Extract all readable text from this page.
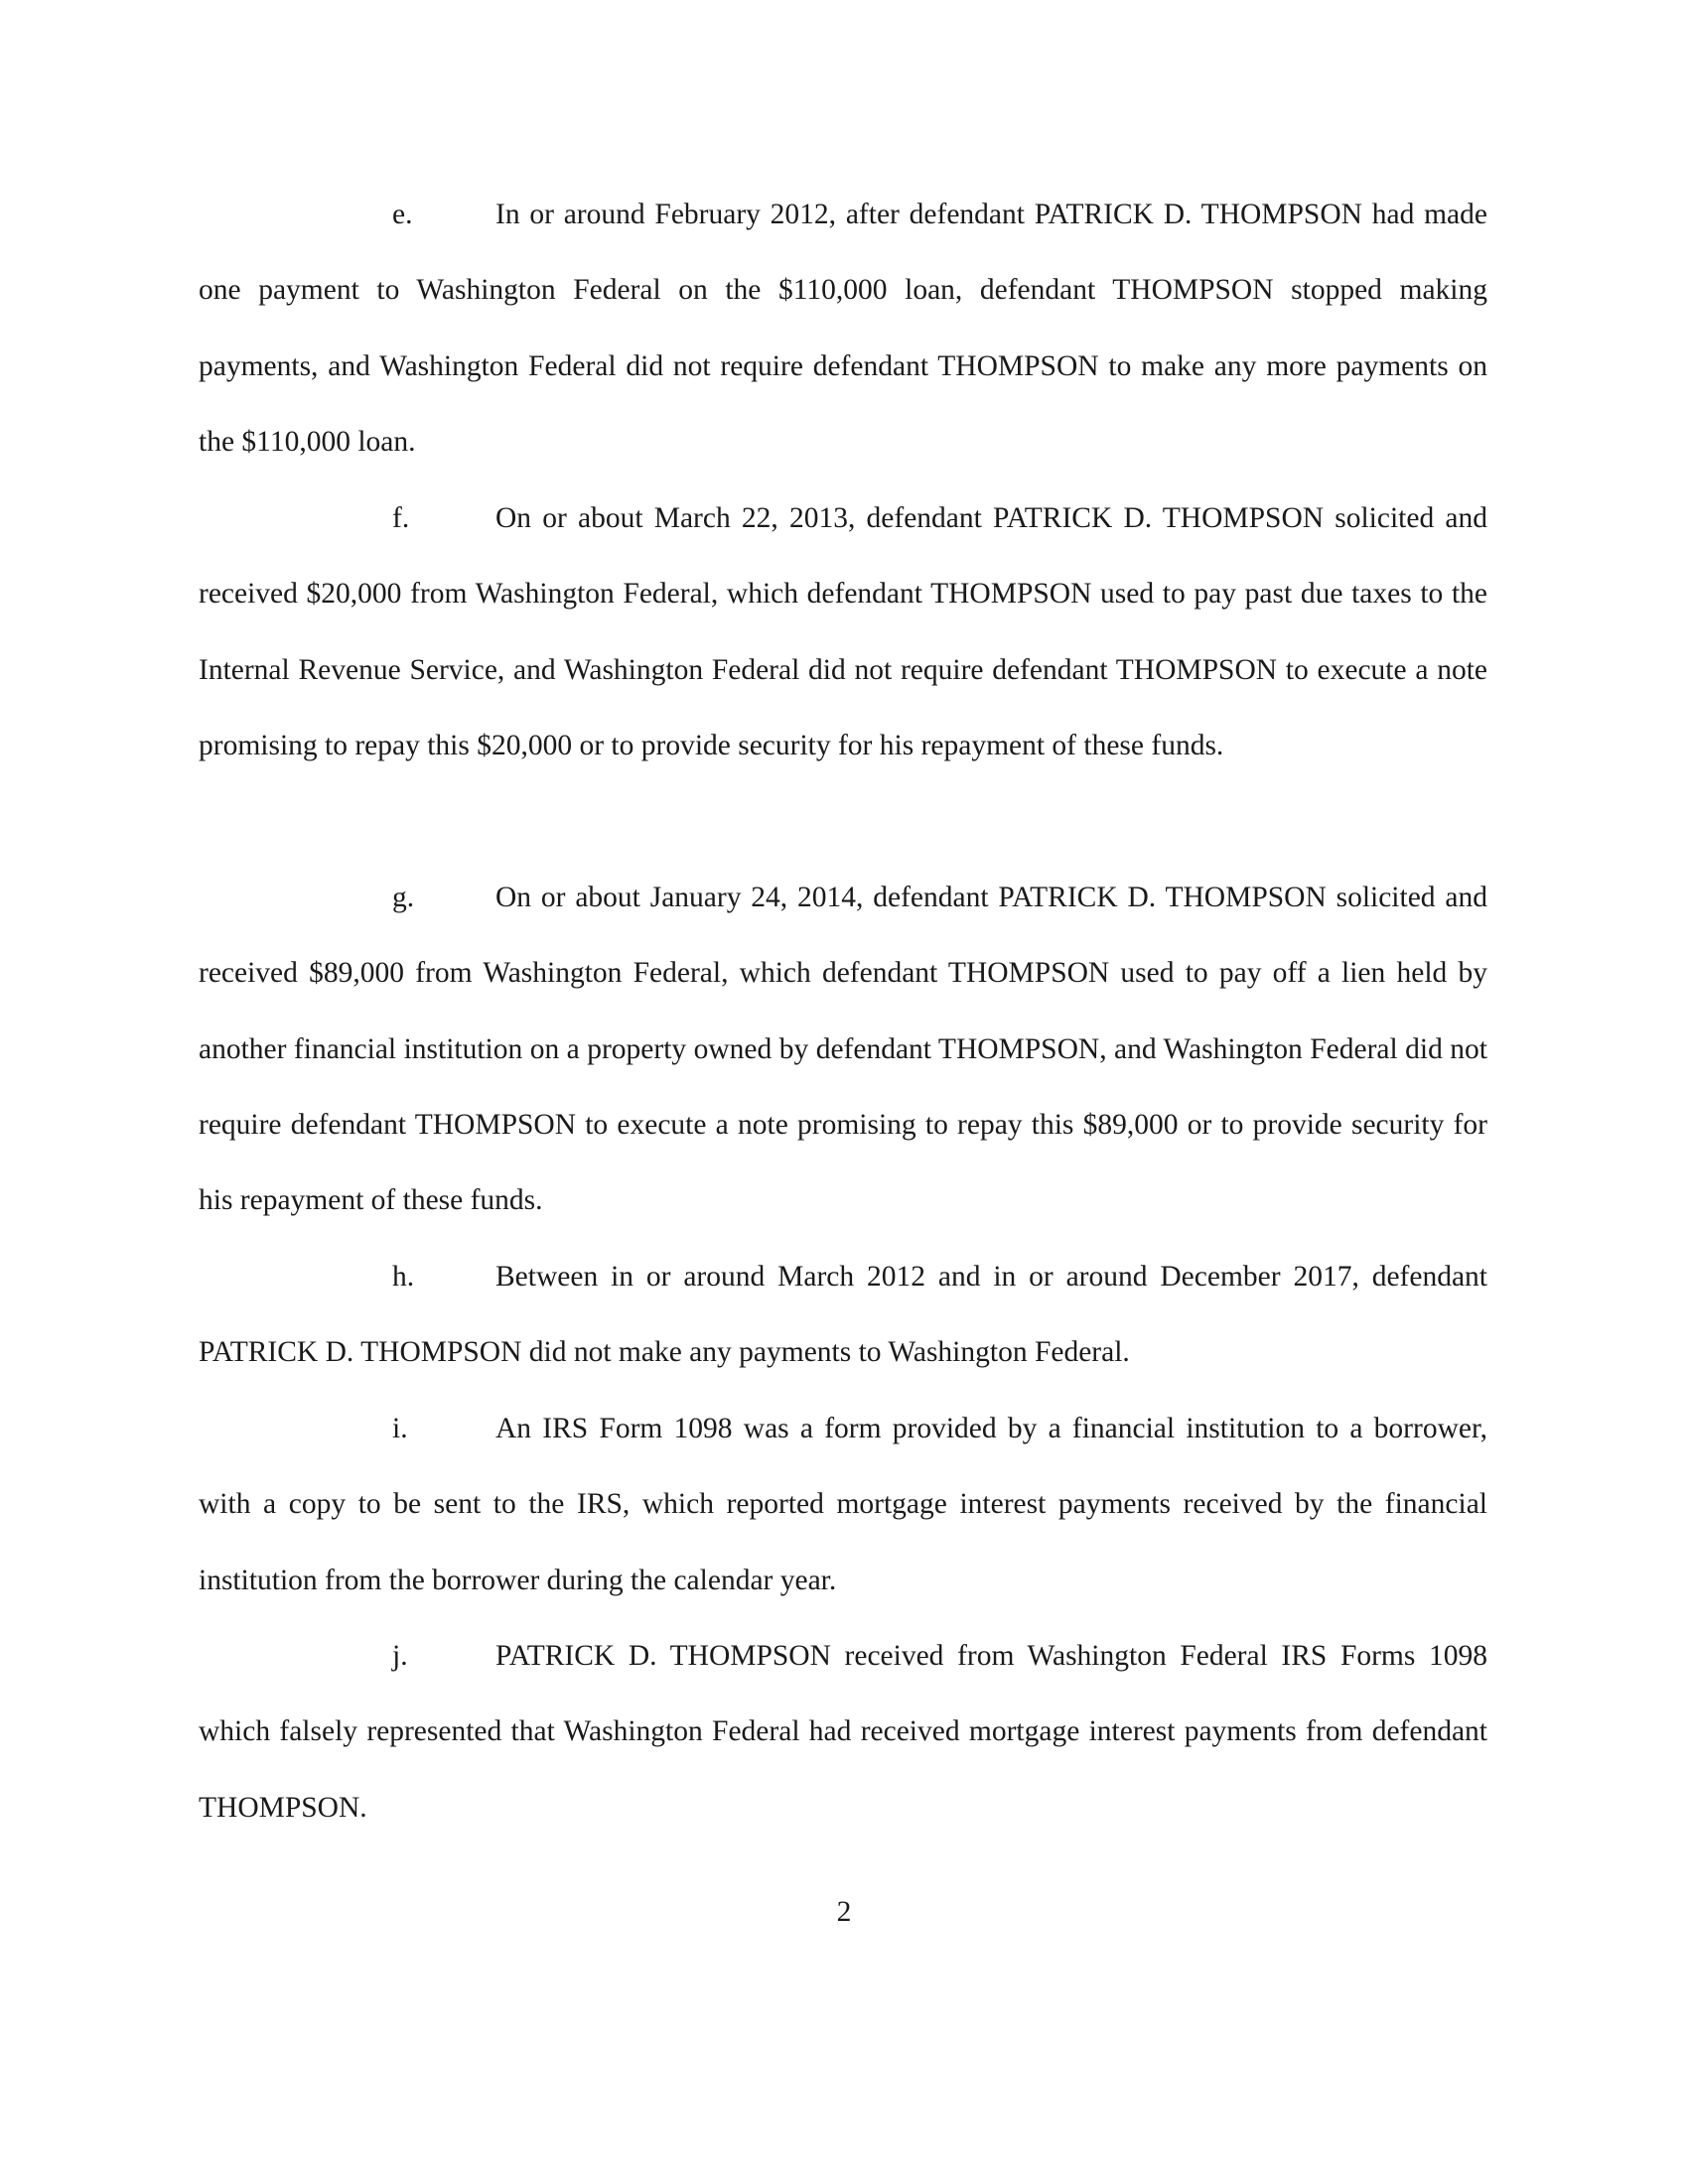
e.	In or around February 2012, after defendant PATRICK D. THOMPSON had made one payment to Washington Federal on the $110,000 loan, defendant THOMPSON stopped making payments, and Washington Federal did not require defendant THOMPSON to make any more payments on the $110,000 loan.

f.	On or about March 22, 2013, defendant PATRICK D. THOMPSON solicited and received $20,000 from Washington Federal, which defendant THOMPSON used to pay past due taxes to the Internal Revenue Service, and Washington Federal did not require defendant THOMPSON to execute a note promising to repay this $20,000 or to provide security for his repayment of these funds.

g.	On or about January 24, 2014, defendant PATRICK D. THOMPSON solicited and received $89,000 from Washington Federal, which defendant THOMPSON used to pay off a lien held by another financial institution on a property owned by defendant THOMPSON, and Washington Federal did not require defendant THOMPSON to execute a note promising to repay this $89,000 or to provide security for his repayment of these funds.

h.	Between in or around March 2012 and in or around December 2017, defendant PATRICK D. THOMPSON did not make any payments to Washington Federal.

i.	An IRS Form 1098 was a form provided by a financial institution to a borrower, with a copy to be sent to the IRS, which reported mortgage interest payments received by the financial institution from the borrower during the calendar year.

j.	PATRICK D. THOMPSON received from Washington Federal IRS Forms 1098 which falsely represented that Washington Federal had received mortgage interest payments from defendant THOMPSON.

2
